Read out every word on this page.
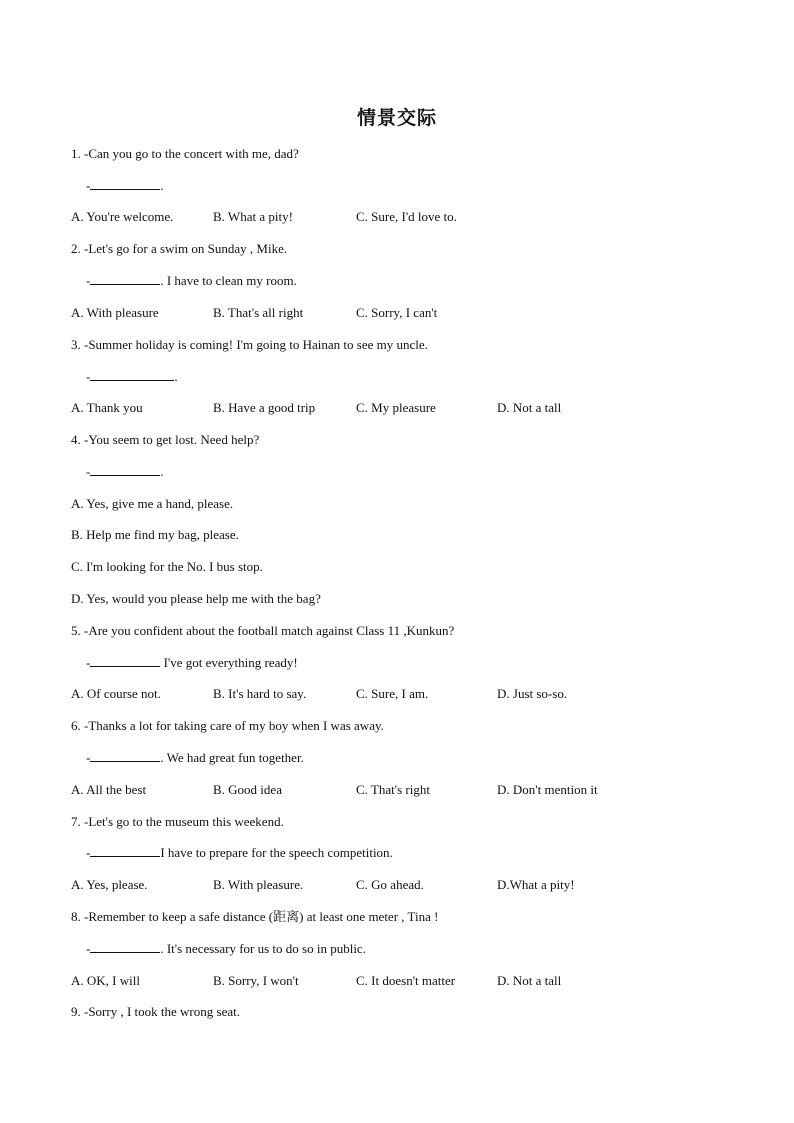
情景交际
1. -Can you go to the concert with me, dad?
-	.
A. You're welcome.	B. What a pity!	C. Sure, I'd love to.
2. -Let's go for a swim on Sunday , Mike.
-	. I have to clean my room.
A. With pleasure	B. That's all right	C. Sorry, I can't
3. -Summer holiday is coming! I'm going to Hainan to see my uncle.
-	.
A. Thank you	B. Have a good trip	C. My pleasure	D. Not a tall
4. -You seem to get lost. Need help?
-	.
A. Yes, give me a hand, please.
B. Help me find my bag, please.
C. I'm looking for the No. I bus stop.
D. Yes, would you please help me with the bag?
5. -Are you confident about the football match against Class 11 ,Kunkun?
-	I've got everything ready!
A. Of course not.	B. It's hard to say.	C. Sure, I am.	D. Just so-so.
6. -Thanks a lot for taking care of my boy when I was away.
-	. We had great fun together.
A. All the best	B. Good idea	C. That's right	D. Don't mention it
7. -Let's go to the museum this weekend.
-	I have to prepare for the speech competition.
A. Yes, please.	B. With pleasure.	C. Go ahead.	D.What a pity!
8. -Remember to keep a safe distance (距离) at least one meter , Tina !
-	. It's necessary for us to do so in public.
A. OK, I will	B. Sorry, I won't	C. It doesn't matter	D. Not a tall
9. -Sorry , I took the wrong seat.
